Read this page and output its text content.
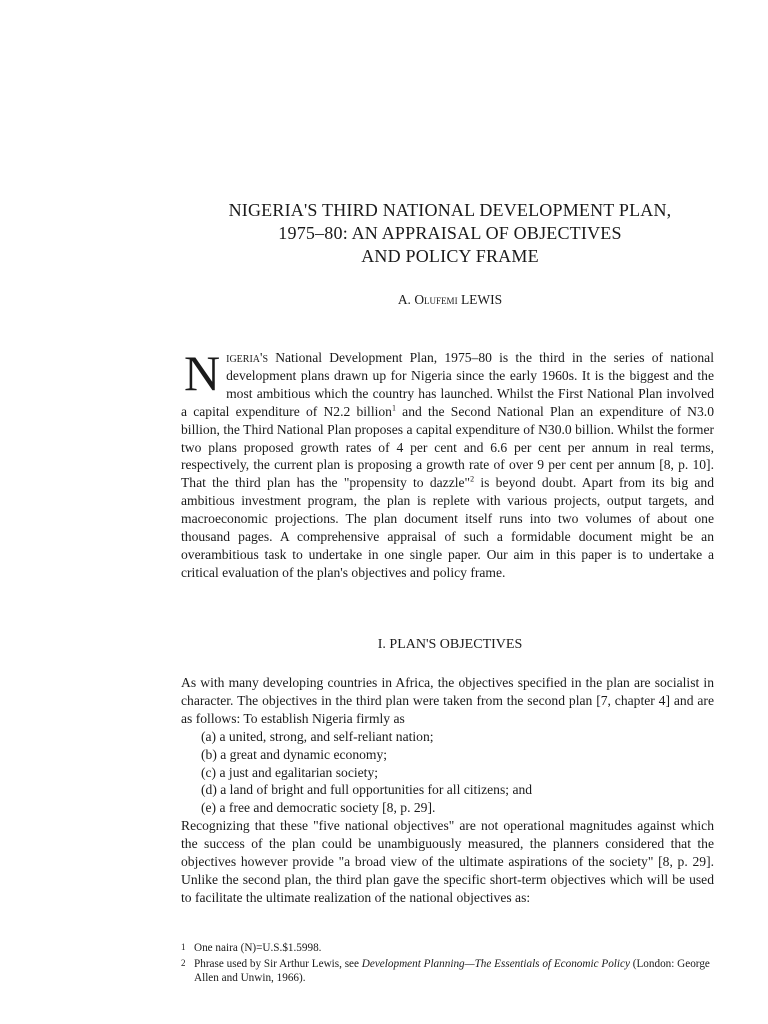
NIGERIA'S THIRD NATIONAL DEVELOPMENT PLAN,
1975–80: AN APPRAISAL OF OBJECTIVES
AND POLICY FRAME
A. Olufemi LEWIS
Nigeria's National Development Plan, 1975–80 is the third in the series of national development plans drawn up for Nigeria since the early 1960s. It is the biggest and the most ambitious which the country has launched. Whilst the First National Plan involved a capital expenditure of N2.2 billion$^1$ and the Second National Plan an expenditure of N3.0 billion, the Third National Plan proposes a capital expenditure of N30.0 billion. Whilst the former two plans proposed growth rates of 4 per cent and 6.6 per cent per annum in real terms, respectively, the current plan is proposing a growth rate of over 9 per cent per annum [8, p. 10]. That the third plan has the "propensity to dazzle"$^2$ is beyond doubt. Apart from its big and ambitious investment program, the plan is replete with various projects, output targets, and macroeconomic projections. The plan document itself runs into two volumes of about one thousand pages. A comprehensive appraisal of such a formidable document might be an overambitious task to undertake in one single paper. Our aim in this paper is to undertake a critical evaluation of the plan's objectives and policy frame.
I. PLAN'S OBJECTIVES
As with many developing countries in Africa, the objectives specified in the plan are socialist in character. The objectives in the third plan were taken from the second plan [7, chapter 4] and are as follows: To establish Nigeria firmly as
(a) a united, strong, and self-reliant nation;
(b) a great and dynamic economy;
(c) a just and egalitarian society;
(d) a land of bright and full opportunities for all citizens; and
(e) a free and democratic society [8, p. 29].
Recognizing that these "five national objectives" are not operational magnitudes against which the success of the plan could be unambiguously measured, the planners considered that the objectives however provide "a broad view of the ultimate aspirations of the society" [8, p. 29]. Unlike the second plan, the third plan gave the specific short-term objectives which will be used to facilitate the ultimate realization of the national objectives as:
1 One naira (N)=U.S.$1.5998.
2 Phrase used by Sir Arthur Lewis, see Development Planning—The Essentials of Economic Policy (London: George Allen and Unwin, 1966).
